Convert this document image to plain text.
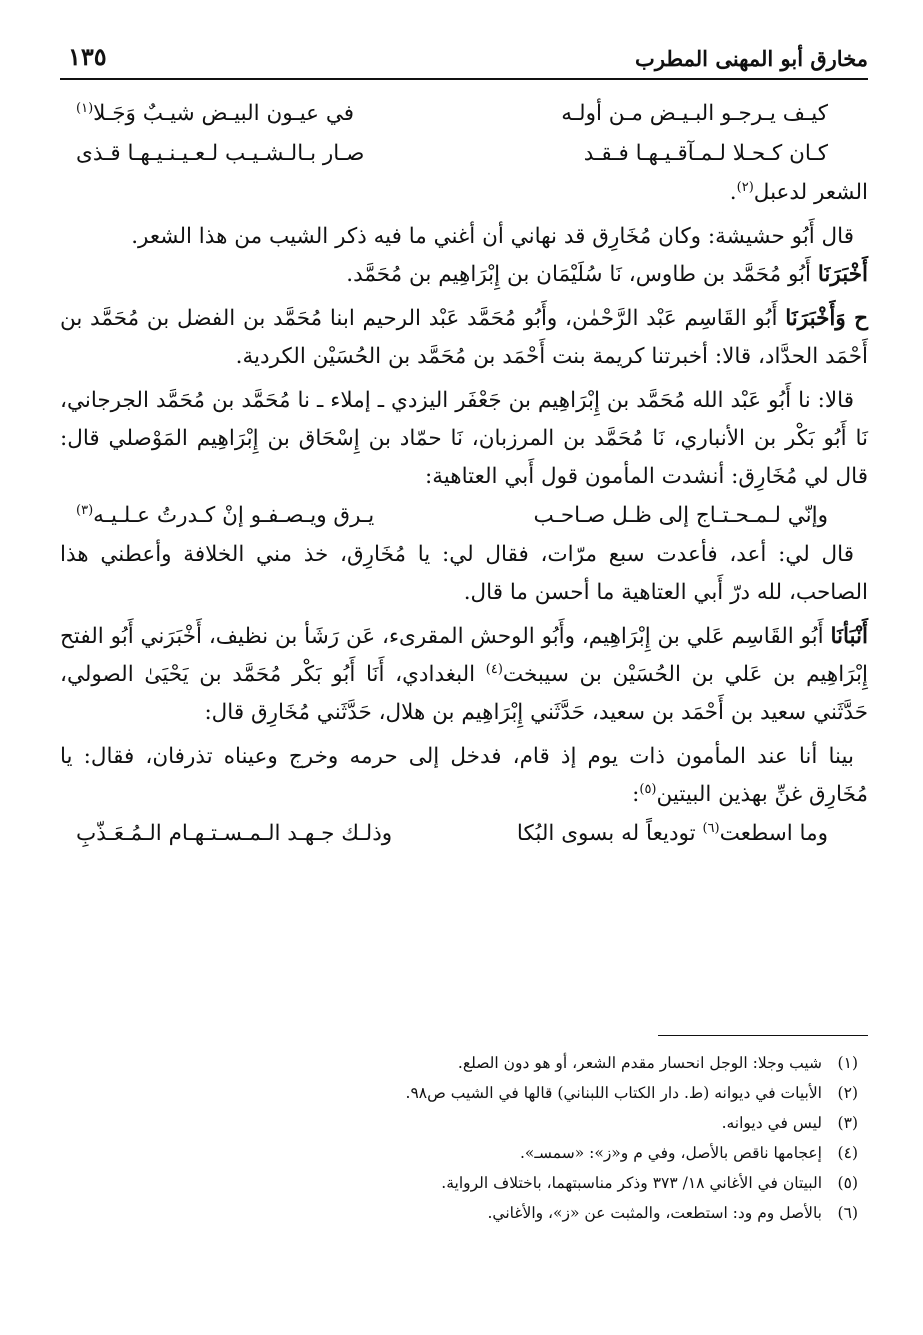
مخارق أبو المهنى المطرب
١٣٥
كيـف يـرجـو البـيـض مـن أولـه
في عيـون البيـض شيـبٌ وَجَـلا$^{(١)}$
كـان كـحـلا لـمـآقـيـهـا فـقـد
صـار بـالـشـيـب لـعـيـنـيـهـا قـذى

الشعر لدعبل$^{(٢)}$.

قال أَبُو حشيشة: وكان مُخَارِق قد نهاني أن أغني ما فيه ذكر الشيب من هذا الشعر.

أَخْبَرَنَا أَبُو مُحَمَّد بن طاوس، نَا سُلَيْمَان بن إِبْرَاهِيم بن مُحَمَّد.

ح وَأَخْبَرَنَا أَبُو القَاسِم عَبْد الرَّحْمٰن، وأَبُو مُحَمَّد عَبْد الرحيم ابنا مُحَمَّد بن الفضل بن مُحَمَّد بن أَحْمَد الحدَّاد، قالا: أخبرتنا كريمة بنت أَحْمَد بن مُحَمَّد بن الحُسَيْن الكردية.

قالا: نا أَبُو عَبْد الله مُحَمَّد بن إِبْرَاهِيم بن جَعْفَر اليزدي ـ إملاء ـ نا مُحَمَّد بن مُحَمَّد الجرجاني، نَا أَبُو بَكْر بن الأنباري، نَا مُحَمَّد بن المرزبان، نَا حمّاد بن إِسْحَاق بن إِبْرَاهِيم المَوْصلي قال: قال لي مُخَارِق: أنشدت المأمون قول أَبي العتاهية:

وإنّي لـمـحـتـاج إلى ظـل صـاحـب
يـرق ويـصـفـو إنْ كـدرتُ عـلـيـه$^{(٣)}$

قال لي: أعد، فأعدت سبع مرّات، فقال لي: يا مُخَارِق، خذ مني الخلافة وأعطني هذا الصاحب، لله درّ أَبي العتاهية ما أحسن ما قال.

أَنْبَأنَا أَبُو القَاسِم عَلي بن إِبْرَاهِيم، وأَبُو الوحش المقرىء، عَن رَشَأ بن نظيف، أَخْبَرَني أَبُو الفتح إِبْرَاهِيم بن عَلي بن الحُسَيْن بن سيبخت$^{(٤)}$ البغدادي، أَنَا أَبُو بَكْر مُحَمَّد بن يَحْيَىٰ الصولي، حَدَّثَني سعيد بن أَحْمَد بن سعيد، حَدَّثَني إِبْرَاهِيم بن هلال، حَدَّثَني مُخَارِق قال:

بينا أنا عند المأمون ذات يوم إذ قام، فدخل إلى حرمه وخرج وعيناه تذرفان، فقال: يا مُخَارِق غنِّ بهذين البيتين$^{(٥)}$:

وما اسطعت$^{(٦)}$ توديعاً له بسوى البُكا
وذلـك جـهـد الـمـسـتـهـام الـمُـعَـذّبِ
(١)
شيب وجلا: الوجل انحسار مقدم الشعر، أو هو دون الصلع.
(٢)
الأبيات في ديوانه (ط. دار الكتاب اللبناني) قالها في الشيب ص٩٨.
(٣)
ليس في ديوانه.
(٤)
إعجامها ناقص بالأصل، وفي م و«ز»: «سمسـ».
(٥)
البيتان في الأغاني ١٨/ ٣٧٣ وذكر مناسبتهما، باختلاف الرواية.
(٦)
بالأصل وم ود: استطعت، والمثبت عن «ز»، والأغاني.
